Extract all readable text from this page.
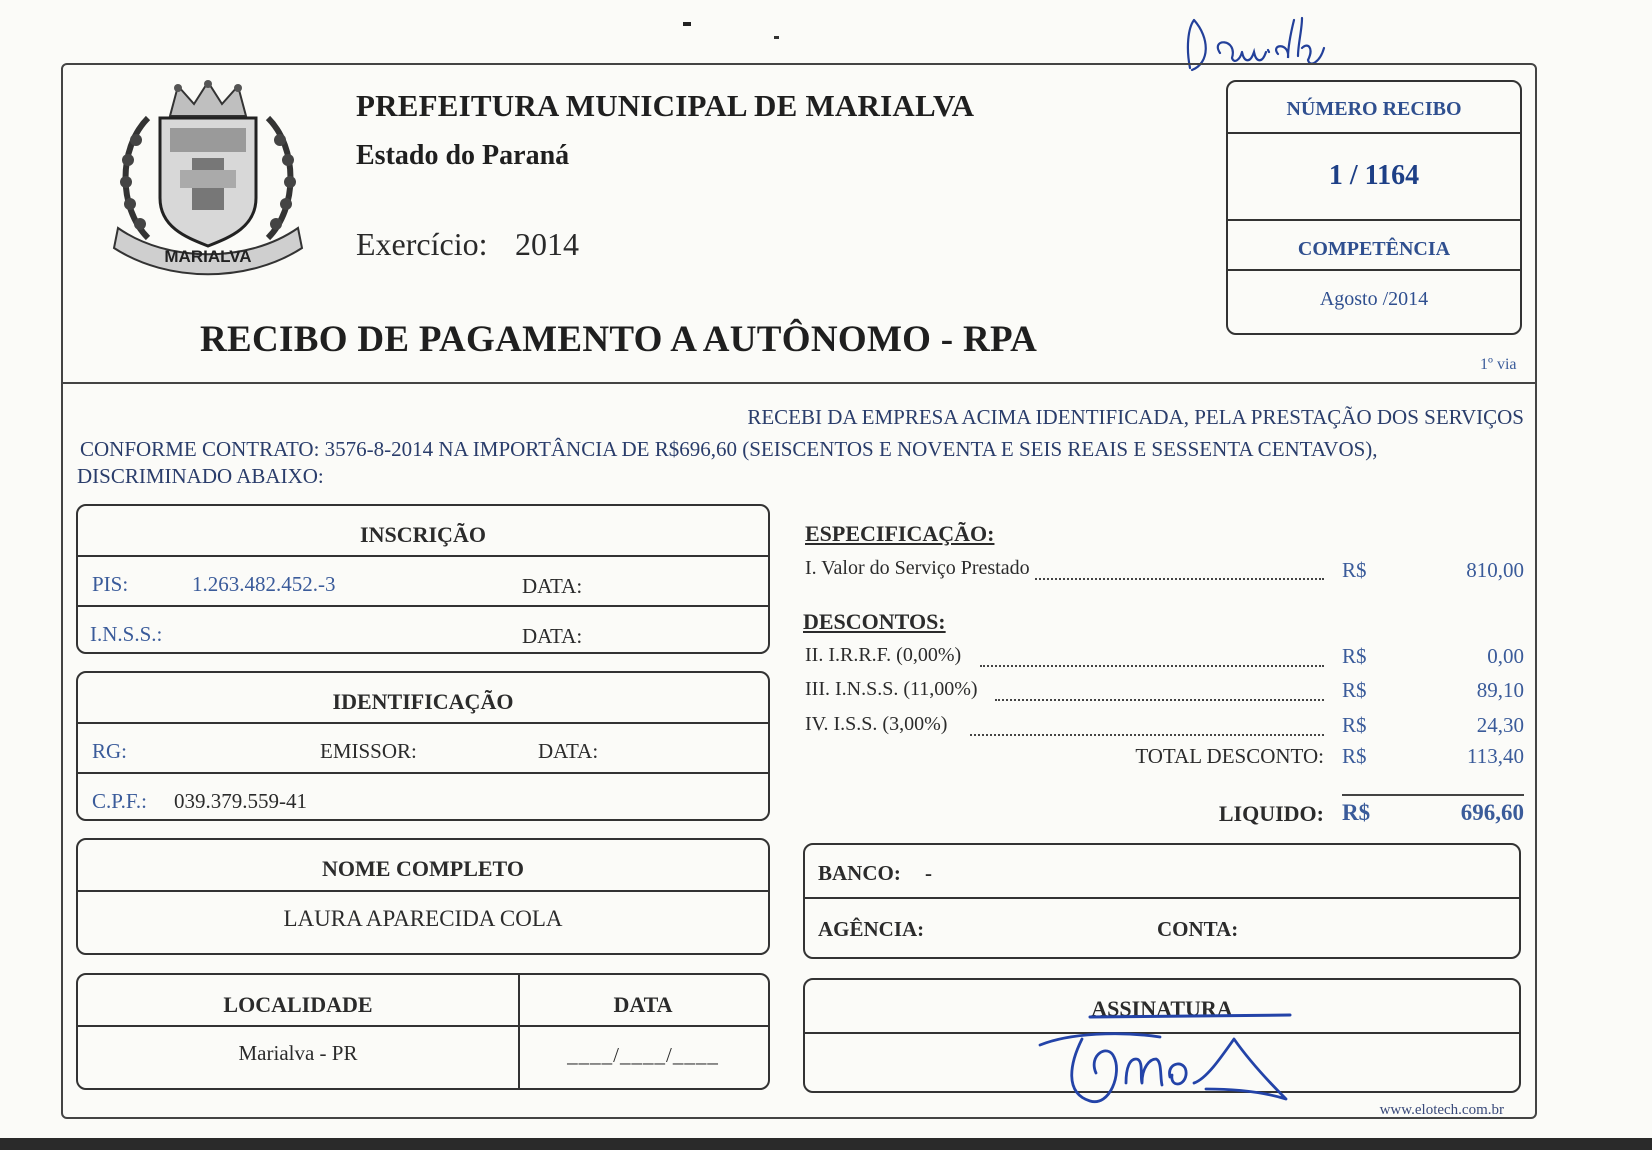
MARIALVA
PREFEITURA MUNICIPAL DE MARIALVA
Estado do Paraná
Exercício: 2014
RECIBO DE PAGAMENTO A AUTÔNOMO - RPA
NÚMERO RECIBO
1 / 1164
COMPETÊNCIA
Agosto /2014
1º via
RECEBI DA EMPRESA ACIMA IDENTIFICADA, PELA PRESTAÇÃO DOS SERVIÇOS
CONFORME CONTRATO: 3576-8-2014 NA IMPORTÂNCIA DE R$696,60 (SEISCENTOS E NOVENTA E SEIS REAIS E SESSENTA CENTAVOS),
DISCRIMINADO ABAIXO:
INSCRIÇÃO
PIS:	1.263.482.452.-3	DATA:
I.N.S.S.:	DATA:
IDENTIFICAÇÃO
RG:	EMISSOR:	DATA:
C.P.F.: 039.379.559-41
NOME COMPLETO
LAURA APARECIDA COLA
LOCALIDADE	DATA
Marialva - PR	____/____/____
ESPECIFICAÇÃO:
I. Valor do Serviço Prestado	R$	810,00
DESCONTOS:
II. I.R.R.F. (0,00%)	R$	0,00
III. I.N.S.S. (11,00%)	R$	89,10
IV. I.S.S. (3,00%)	R$	24,30
TOTAL DESCONTO: R$	113,40
LIQUIDO: R$	696,60
BANCO: -
AGÊNCIA:	CONTA:
ASSINATURA
www.elotech.com.br
